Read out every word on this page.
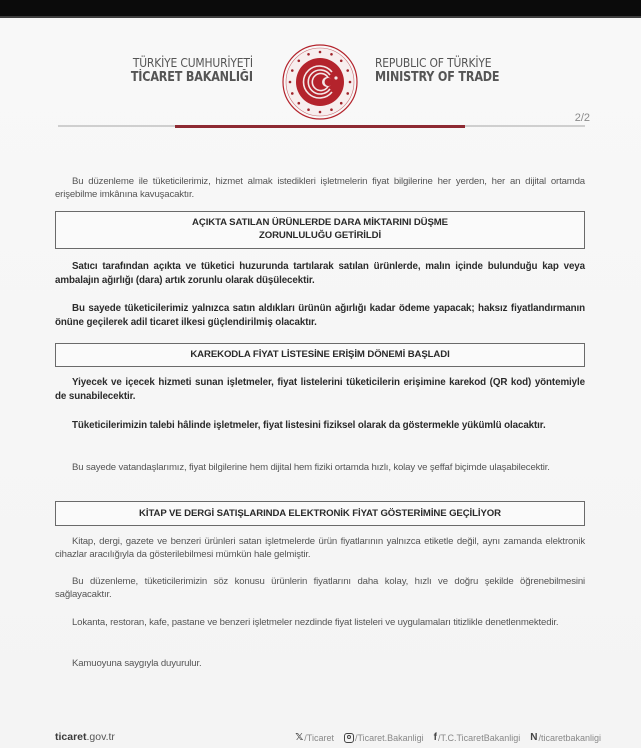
TÜRKİYE CUMHURİYETİ
TİCARET BAKANLIĞI
REPUBLIC OF TÜRKİYE
MINISTRY OF TRADE
2/2
Bu düzenleme ile tüketicilerimiz, hizmet almak istedikleri işletmelerin fiyat bilgilerine her yerden, her an dijital ortamda erişebilme imkânına kavuşacaktır.
AÇIKTA SATILAN ÜRÜNLERDE DARA MİKTARINI DÜŞME
ZORUNLULUĞU GETİRİLDİ
Satıcı tarafından açıkta ve tüketici huzurunda tartılarak satılan ürünlerde, malın içinde bulunduğu kap veya ambalajın ağırlığı (dara) artık zorunlu olarak düşülecektir.
Bu sayede tüketicilerimiz yalnızca satın aldıkları ürünün ağırlığı kadar ödeme yapacak; haksız fiyatlandırmanın önüne geçilerek adil ticaret ilkesi güçlendirilmiş olacaktır.
KAREKODLA FİYAT LİSTESİNE ERİŞİM DÖNEMİ BAŞLADI
Yiyecek ve içecek hizmeti sunan işletmeler, fiyat listelerini tüketicilerin erişimine karekod (QR kod) yöntemiyle de sunabilecektir.
Tüketicilerimizin talebi hâlinde işletmeler, fiyat listesini fiziksel olarak da göstermekle yükümlü olacaktır.
Bu sayede vatandaşlarımız, fiyat bilgilerine hem dijital hem fiziki ortamda hızlı, kolay ve şeffaf biçimde ulaşabilecektir.
KİTAP VE DERGİ SATIŞLARINDA ELEKTRONİK FİYAT GÖSTERİMİNE GEÇİLİYOR
Kitap, dergi, gazete ve benzeri ürünleri satan işletmelerde ürün fiyatlarının yalnızca etiketle değil, aynı zamanda elektronik cihazlar aracılığıyla da gösterilebilmesi mümkün hale gelmiştir.
Bu düzenleme, tüketicilerimizin söz konusu ürünlerin fiyatlarını daha kolay, hızlı ve doğru şekilde öğrenebilmesini sağlayacaktır.
Lokanta, restoran, kafe, pastane ve benzeri işletmeler nezdinde fiyat listeleri ve uygulamaları titizlikle denetlenmektedir.
Kamuoyuna saygıyla duyurulur.
ticaret.gov.tr	𝕏 /Ticaret /Ticaret.Bakanligi f /T.C.TicaretBakanligi N /ticaretbakanligi
